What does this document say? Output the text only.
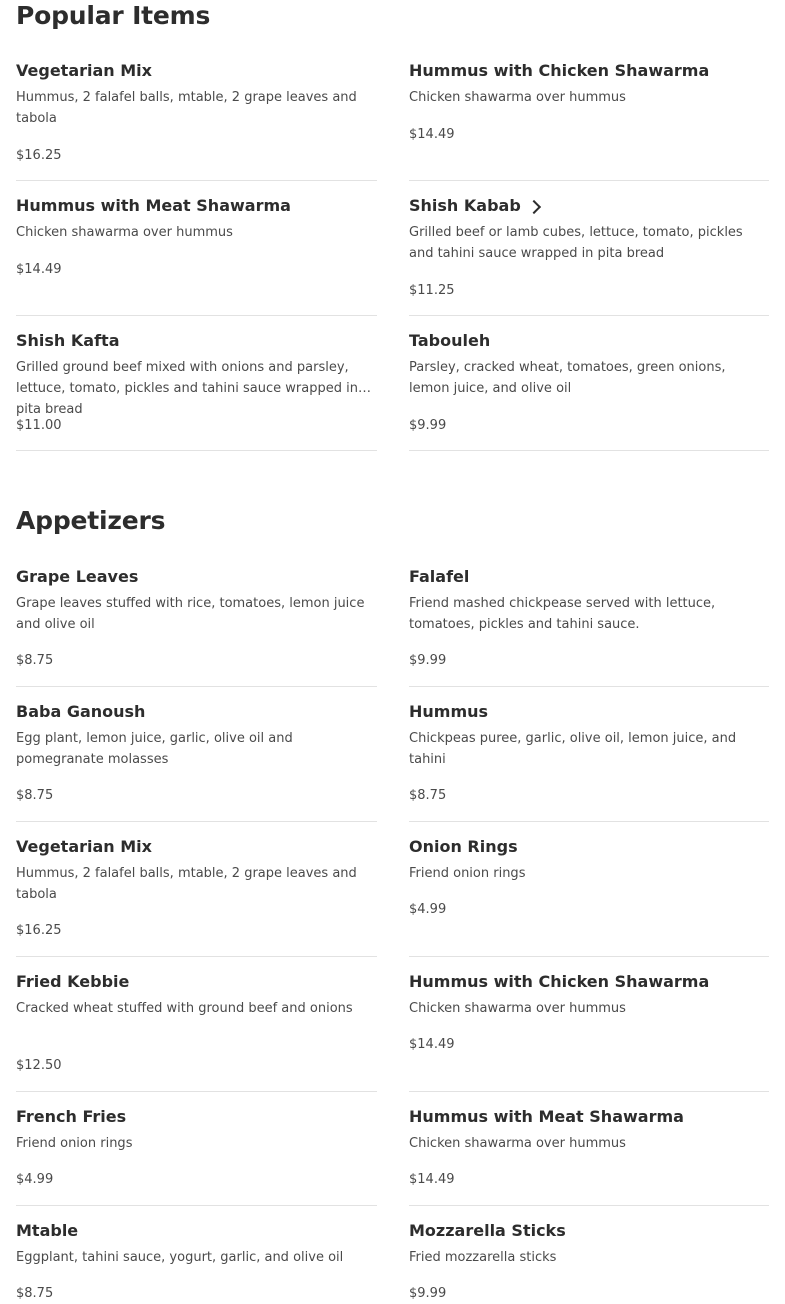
Popular Items
Vegetarian Mix
Hummus, 2 falafel balls, mtable, 2 grape leaves and tabola
$16.25
Hummus with Chicken Shawarma
Chicken shawarma over hummus
$14.49
Hummus with Meat Shawarma
Chicken shawarma over hummus
$14.49
Shish Kabab
Grilled beef or lamb cubes, lettuce, tomato, pickles and tahini sauce wrapped in pita bread
$11.25
Shish Kafta
Grilled ground beef mixed with onions and parsley, lettuce, tomato, pickles and tahini sauce wrapped in pita bread
$11.00
Tabouleh
Parsley, cracked wheat, tomatoes, green onions, lemon juice, and olive oil
$9.99
Appetizers
Grape Leaves
Grape leaves stuffed with rice, tomatoes, lemon juice and olive oil
$8.75
Falafel
Friend mashed chickpease served with lettuce, tomatoes, pickles and tahini sauce.
$9.99
Baba Ganoush
Egg plant, lemon juice, garlic, olive oil and pomegranate molasses
$8.75
Hummus
Chickpeas puree, garlic, olive oil, lemon juice, and tahini
$8.75
Vegetarian Mix
Hummus, 2 falafel balls, mtable, 2 grape leaves and tabola
$16.25
Onion Rings
Friend onion rings
$4.99
Fried Kebbie
Cracked wheat stuffed with ground beef and onions
$12.50
Hummus with Chicken Shawarma
Chicken shawarma over hummus
$14.49
French Fries
Friend onion rings
$4.99
Hummus with Meat Shawarma
Chicken shawarma over hummus
$14.49
Mtable
Eggplant, tahini sauce, yogurt, garlic, and olive oil
$8.75
Mozzarella Sticks
Fried mozzarella sticks
$9.99
